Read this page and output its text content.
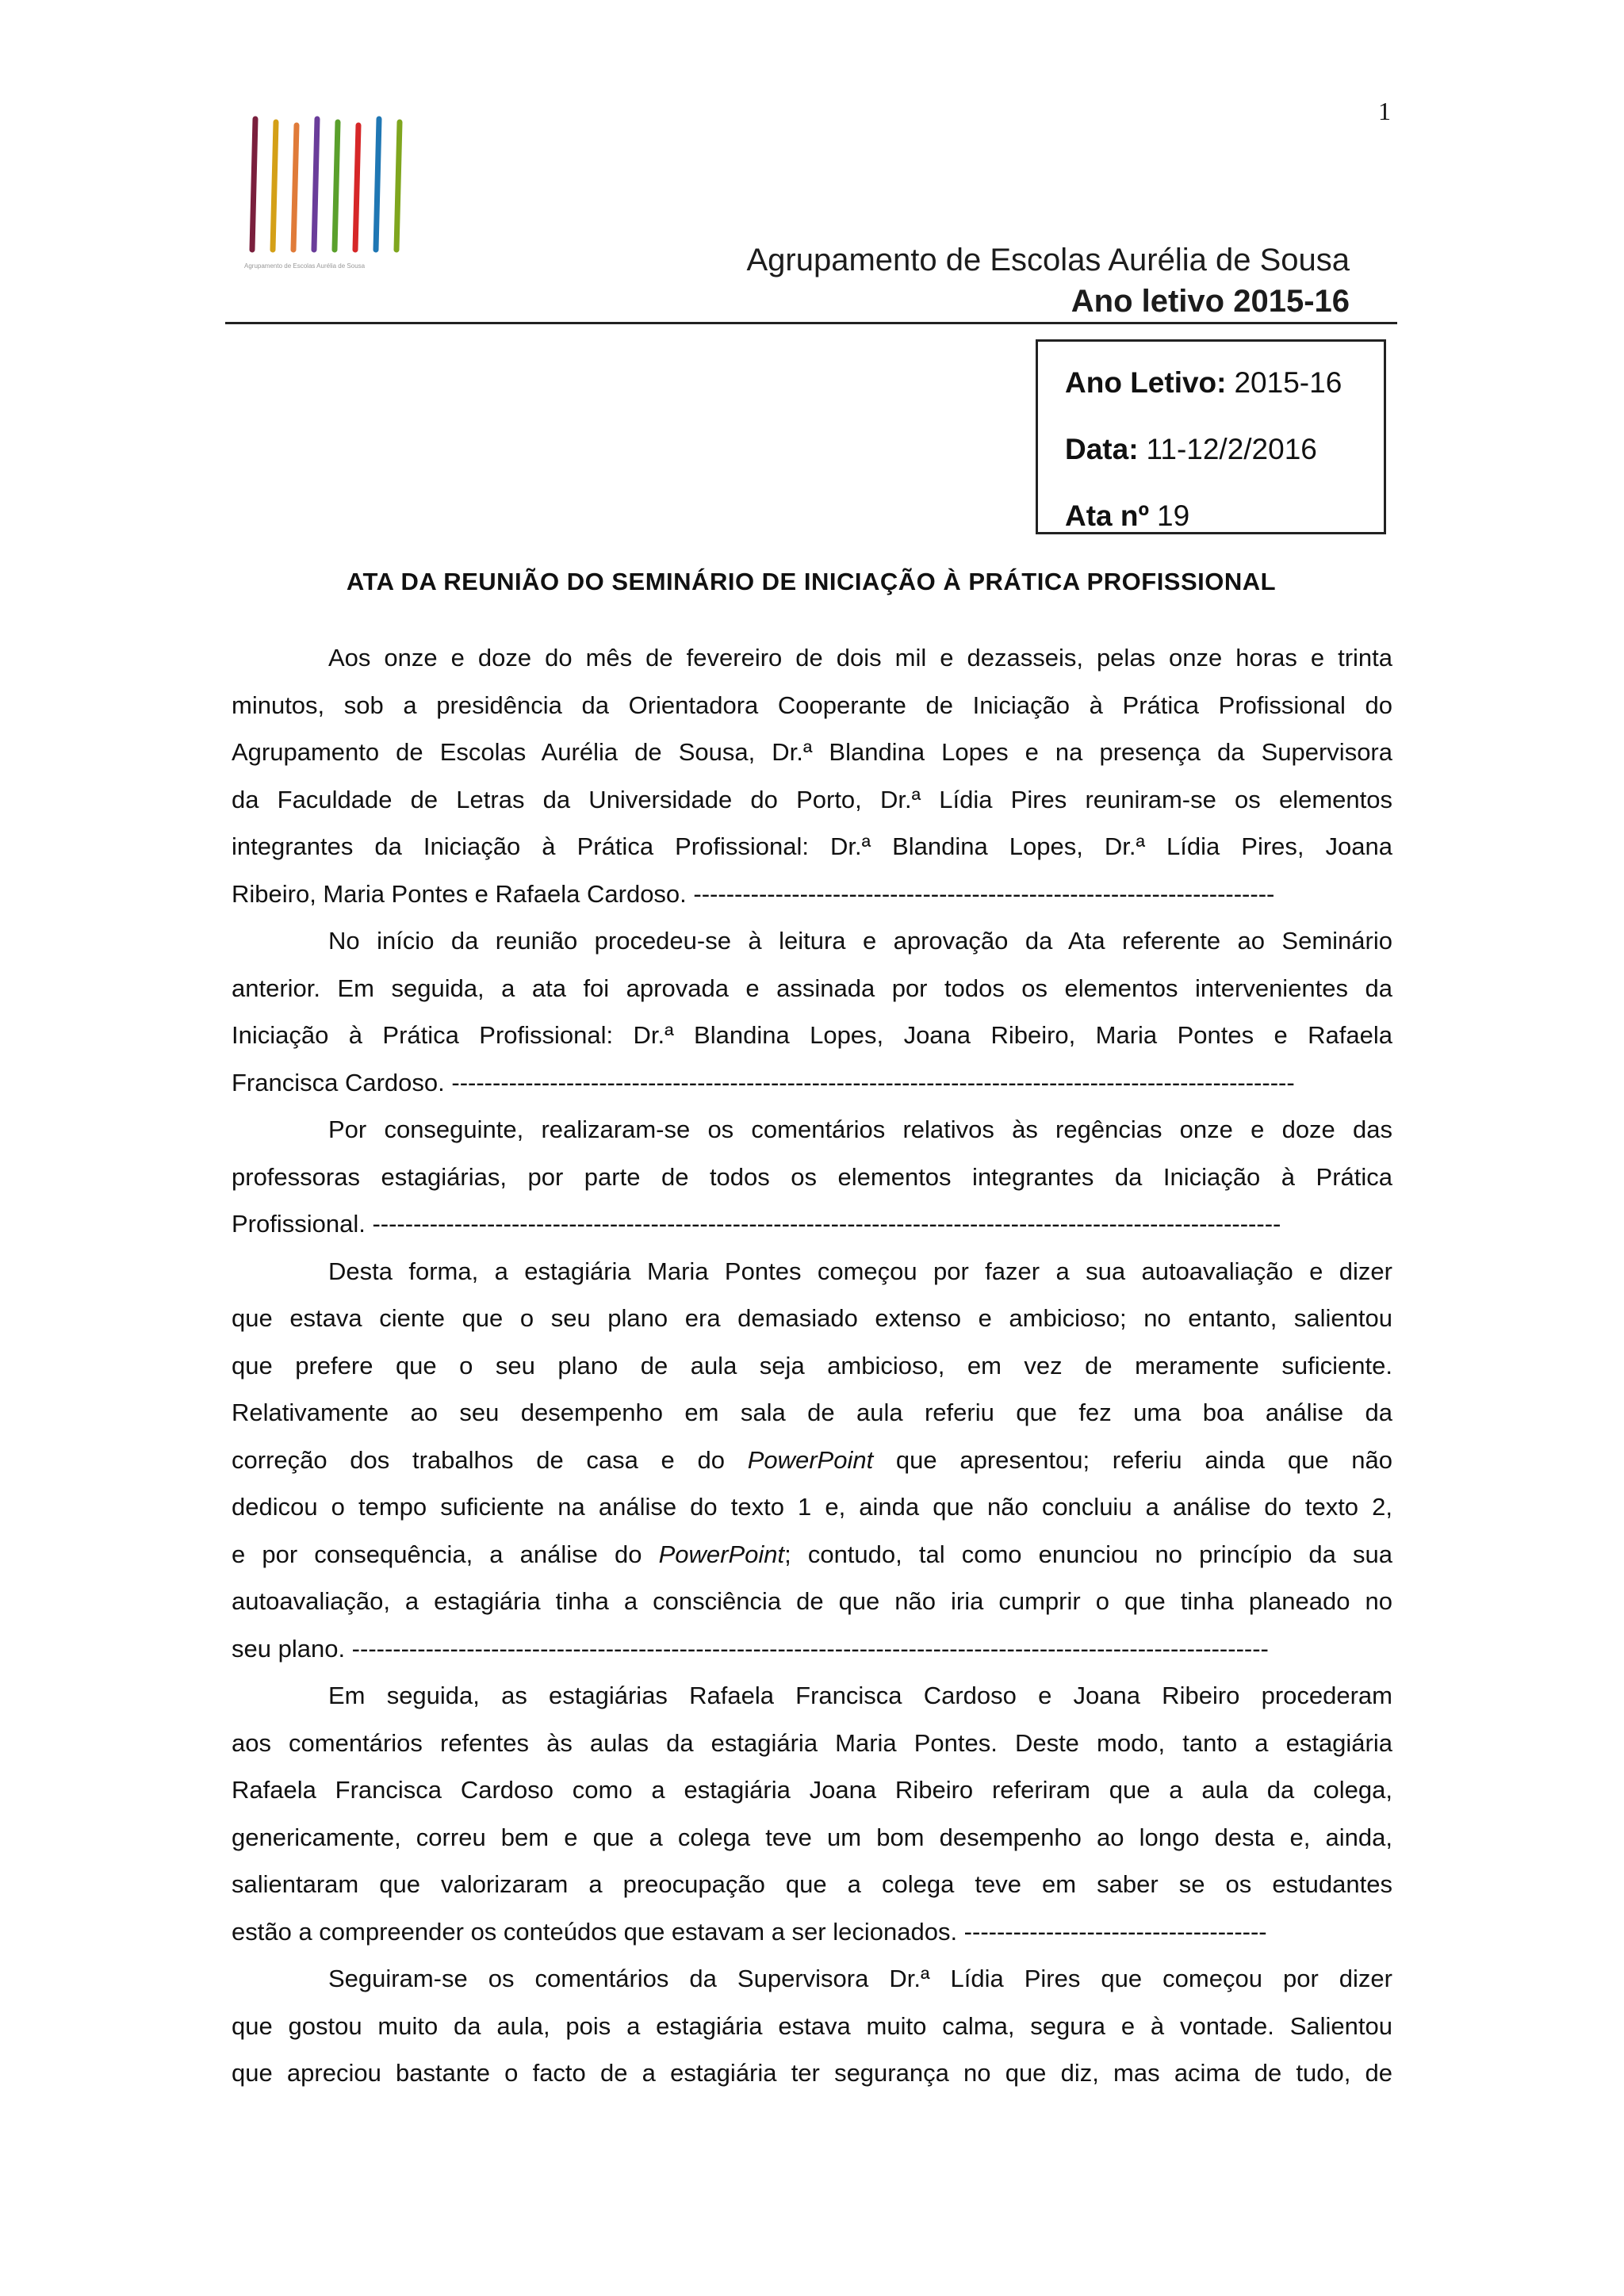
1
Agrupamento de Escolas Aurélia de Sousa	Agrupamento de Escolas Aurélia de Sousa
Ano letivo 2015-16
Ano Letivo: 2015-16
Data: 11-12/2/2016
Ata nº 19
ATA DA REUNIÃO DO SEMINÁRIO DE INICIAÇÃO À PRÁTICA PROFISSIONAL
Aos onze e doze do mês de fevereiro de dois mil e dezasseis, pelas onze horas e trinta
minutos, sob a presidência da Orientadora Cooperante de Iniciação à Prática Profissional do
Agrupamento de Escolas Aurélia de Sousa, Dr.ª Blandina Lopes e na presença da Supervisora
da Faculdade de Letras da Universidade do Porto, Dr.ª Lídia Pires reuniram-se os elementos
integrantes da Iniciação à Prática Profissional: Dr.ª Blandina Lopes, Dr.ª Lídia Pires, Joana
Ribeiro, Maria Pontes e Rafaela Cardoso. -----------------------------------------------------------------------
No início da reunião procedeu-se à leitura e aprovação da Ata referente ao Seminário
anterior. Em seguida, a ata foi aprovada e assinada por todos os elementos intervenientes da
Iniciação à Prática Profissional: Dr.ª Blandina Lopes, Joana Ribeiro, Maria Pontes e Rafaela
Francisca Cardoso. -------------------------------------------------------------------------------------------------------
Por conseguinte, realizaram-se os comentários relativos às regências onze e doze das
professoras estagiárias, por parte de todos os elementos integrantes da Iniciação à Prática
Profissional. ---------------------------------------------------------------------------------------------------------------
Desta forma, a estagiária Maria Pontes começou por fazer a sua autoavaliação e dizer
que estava ciente que o seu plano era demasiado extenso e ambicioso; no entanto, salientou
que prefere que o seu plano de aula seja ambicioso, em vez de meramente suficiente.
Relativamente ao seu desempenho em sala de aula referiu que fez uma boa análise da
correção dos trabalhos de casa e do PowerPoint que apresentou; referiu ainda que não
dedicou o tempo suficiente na análise do texto 1 e, ainda que não concluiu a análise do texto 2,
e por consequência, a análise do PowerPoint; contudo, tal como enunciou no princípio da sua
autoavaliação, a estagiária tinha a consciência de que não iria cumprir o que tinha planeado no
seu plano. ----------------------------------------------------------------------------------------------------------------
Em seguida, as estagiárias Rafaela Francisca Cardoso e Joana Ribeiro procederam
aos comentários refentes às aulas da estagiária Maria Pontes. Deste modo, tanto a estagiária
Rafaela Francisca Cardoso como a estagiária Joana Ribeiro referiram que a aula da colega,
genericamente, correu bem e que a colega teve um bom desempenho ao longo desta e, ainda,
salientaram que valorizaram a preocupação que a colega teve em saber se os estudantes
estão a compreender os conteúdos que estavam a ser lecionados. -------------------------------------
Seguiram-se os comentários da Supervisora Dr.ª Lídia Pires que começou por dizer
que gostou muito da aula, pois a estagiária estava muito calma, segura e à vontade. Salientou
que apreciou bastante o facto de a estagiária ter segurança no que diz, mas acima de tudo, de
